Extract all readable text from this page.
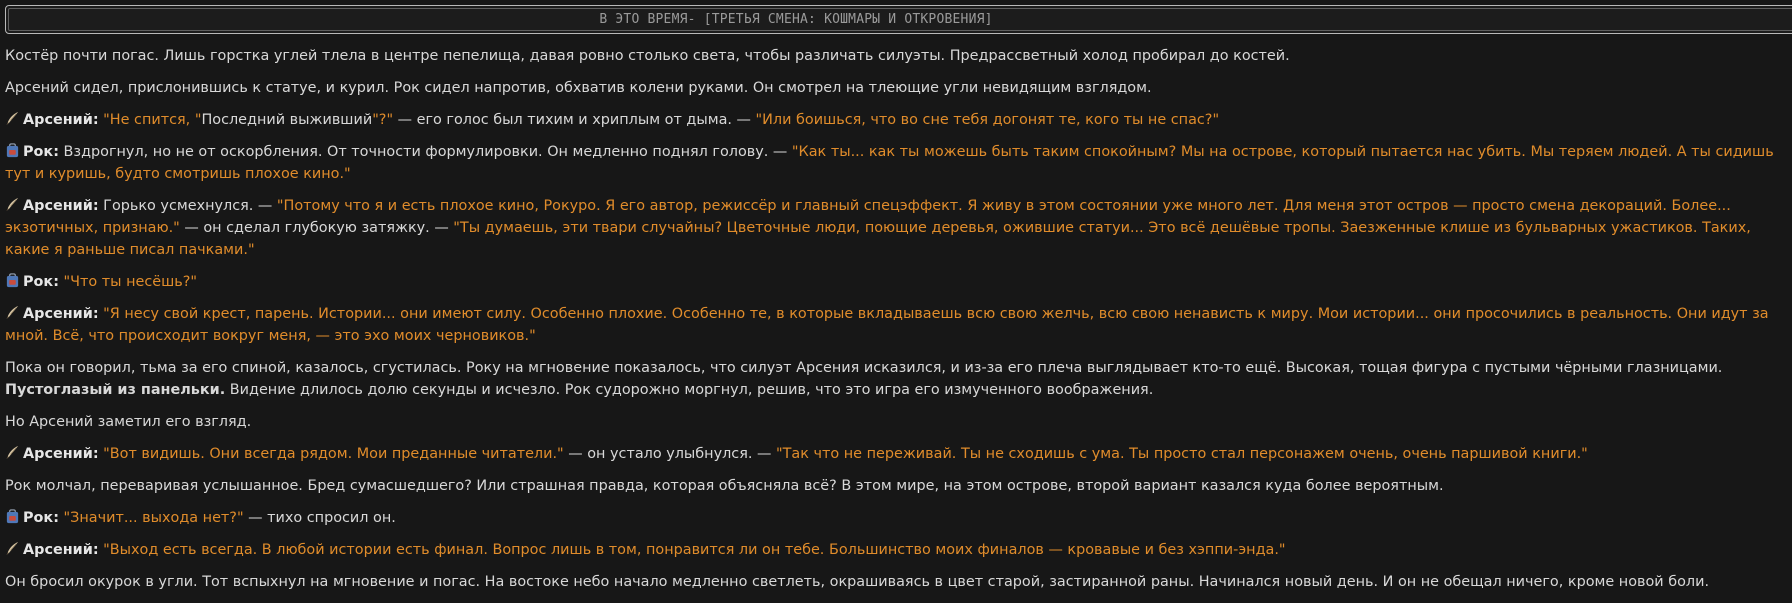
В ЭТО ВРЕМЯ- [ТРЕТЬЯ СМЕНА: КОШМАРЫ И ОТКРОВЕНИЯ]

Костёр почти погас. Лишь горстка углей тлела в центре пепелища, давая ровно столько света, чтобы различать силуэты. Предрассветный холод пробирал до костей.

Арсений сидел, прислонившись к статуе, и курил. Рок сидел напротив, обхватив колени руками. Он смотрел на тлеющие угли невидящим взглядом.

Арсений: "Не спится, "Последний выживший"?" — его голос был тихим и хриплым от дыма. — "Или боишься, что во сне тебя догонят те, кого ты не спас?"

Рок: Вздрогнул, но не от оскорбления. От точности формулировки. Он медленно поднял голову. — "Как ты... как ты можешь быть таким спокойным? Мы на острове, который пытается нас убить. Мы теряем людей. А ты сидишь тут и куришь, будто смотришь плохое кино."

Арсений: Горько усмехнулся. — "Потому что я и есть плохое кино, Рокуро. Я его автор, режиссёр и главный спецэффект. Я живу в этом состоянии уже много лет. Для меня этот остров — просто смена декораций. Более... экзотичных, признаю." — он сделал глубокую затяжку. — "Ты думаешь, эти твари случайны? Цветочные люди, поющие деревья, ожившие статуи... Это всё дешёвые тропы. Заезженные клише из бульварных ужастиков. Таких, какие я раньше писал пачками."

Рок: "Что ты несёшь?"

Арсений: "Я несу свой крест, парень. Истории... они имеют силу. Особенно плохие. Особенно те, в которые вкладываешь всю свою желчь, всю свою ненависть к миру. Мои истории... они просочились в реальность. Они идут за мной. Всё, что происходит вокруг меня, — это эхо моих черновиков."

Пока он говорил, тьма за его спиной, казалось, сгустилась. Року на мгновение показалось, что силуэт Арсения исказился, и из-за его плеча выглядывает кто-то ещё. Высокая, тощая фигура с пустыми чёрными глазницами. Пустоглазый из панельки. Видение длилось долю секунды и исчезло. Рок судорожно моргнул, решив, что это игра его измученного воображения.

Но Арсений заметил его взгляд.

Арсений: "Вот видишь. Они всегда рядом. Мои преданные читатели." — он устало улыбнулся. — "Так что не переживай. Ты не сходишь с ума. Ты просто стал персонажем очень, очень паршивой книги."

Рок молчал, переваривая услышанное. Бред сумасшедшего? Или страшная правда, которая объясняла всё? В этом мире, на этом острове, второй вариант казался куда более вероятным.

Рок: "Значит... выхода нет?" — тихо спросил он.

Арсений: "Выход есть всегда. В любой истории есть финал. Вопрос лишь в том, понравится ли он тебе. Большинство моих финалов — кровавые и без хэппи-энда."

Он бросил окурок в угли. Тот вспыхнул на мгновение и погас. На востоке небо начало медленно светлеть, окрашиваясь в цвет старой, застиранной раны. Начинался новый день. И он не обещал ничего, кроме новой боли.
